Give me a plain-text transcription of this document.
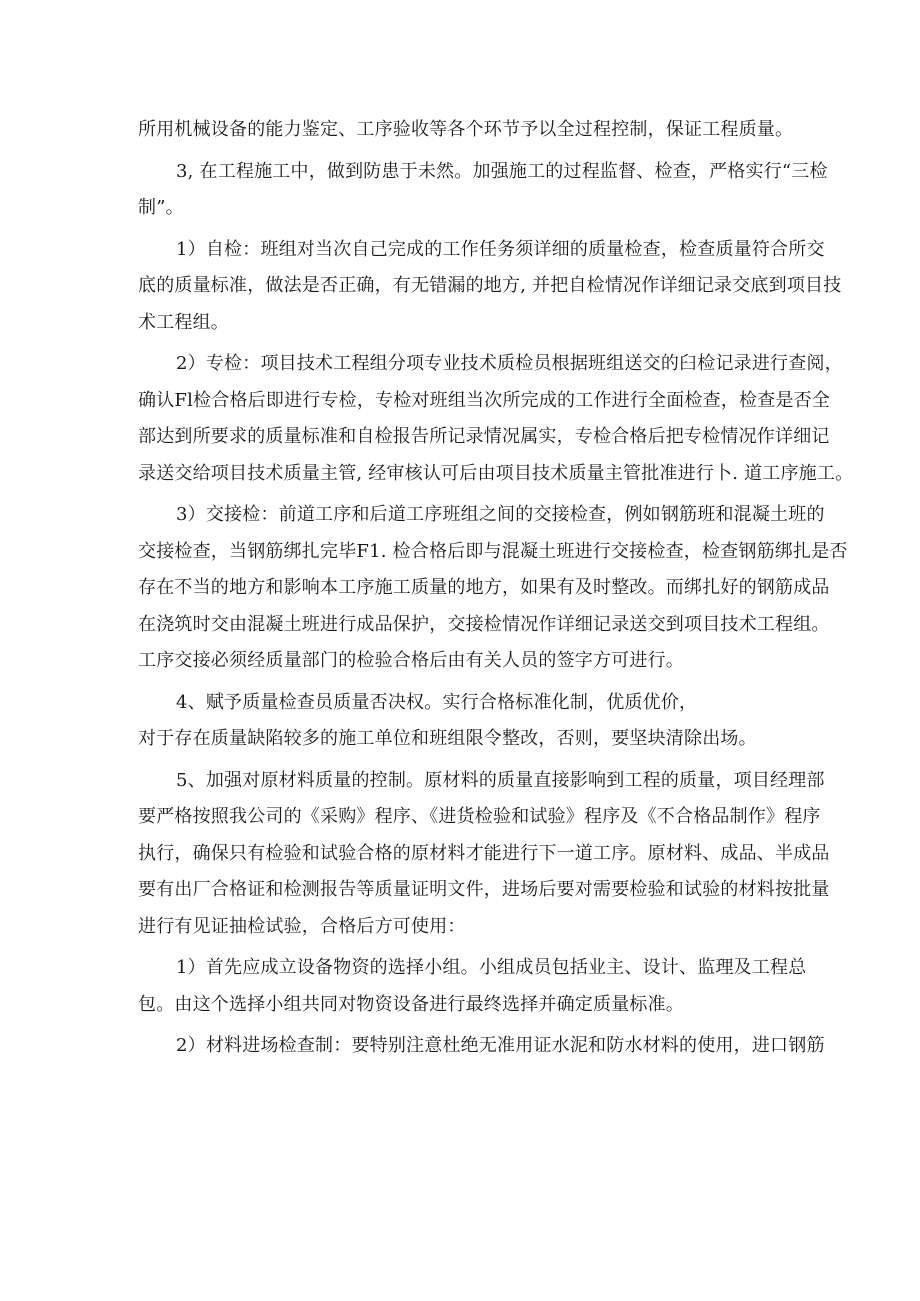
所用机械设备的能力鉴定、工序验收等各个环节予以全过程控制，保证工程质量。
3, 在工程施工中，做到防患于未然。加强施工的过程监督、检查，严格实行“三检
制”。
1）自检：班组对当次自己完成的工作任务须详细的质量检查，检查质量符合所交
底的质量标准，做法是否正确，有无错漏的地方, 并把自检情况作详细记录交底到项目技
术工程组。
2）专检：项目技术工程组分项专业技术质检员根据班组送交的臼检记录进行查阅，
确认Fl检合格后即进行专检，专检对班组当次所完成的工作进行全面检查，检查是否全
部达到所要求的质量标准和自检报告所记录情况属实，专检合格后把专检情况作详细记
录送交给项目技术质量主管, 经审核认可后由项目技术质量主管批准进行卜. 道工序施工。
3）交接检：前道工序和后道工序班组之间的交接检查，例如钢筋班和混凝土班的
交接检查，当钢筋绑扎完毕F1. 检合格后即与混凝土班进行交接检查，检查钢筋绑扎是否
存在不当的地方和影响本工序施工质量的地方，如果有及时整改。而绑扎好的钢筋成品
在浇筑时交由混凝土班进行成品保护，交接检情况作详细记录送交到项目技术工程组。
工序交接必须经质量部门的检验合格后由有关人员的签字方可进行。
4、赋予质量检查员质量否决权。实行合格标准化制，优质优价，
对于存在质量缺陷较多的施工单位和班组限令整改，否则，要坚块清除出场。
5、加强对原材料质量的控制。原材料的质量直接影响到工程的质量，项目经理部
要严格按照我公司的《采购》程序、《进货检验和试验》程序及《不合格品制作》程序
执行，确保只有检验和试验合格的原材料才能进行下一道工序。原材料、成品、半成品
要有出厂合格证和检测报告等质量证明文件，进场后要对需要检验和试验的材料按批量
进行有见证抽检试验，合格后方可使用：
1）首先应成立设备物资的选择小组。小组成员包括业主、设计、监理及工程总
包。由这个选择小组共同对物资设备进行最终选择并确定质量标准。
2）材料进场检查制：要特别注意杜绝无准用证水泥和防水材料的使用，进口钢筋
